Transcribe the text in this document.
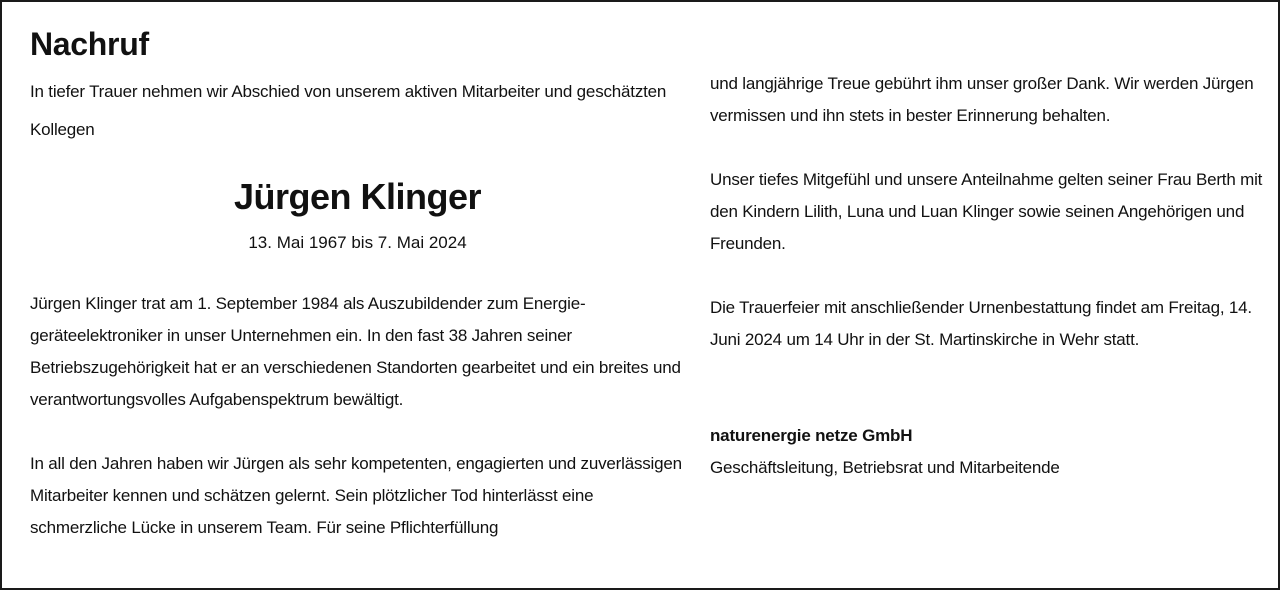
Nachruf

In tiefer Trauer nehmen wir Abschied von unserem aktiven Mitarbeiter und geschätzten Kollegen

Jürgen Klinger

13. Mai 1967 bis 7. Mai 2024

Jürgen Klinger trat am 1. September 1984 als Auszubildender zum Energiegeräteelektroniker in unser Unternehmen ein. In den fast 38 Jahren seiner Betriebszugehörigkeit hat er an verschiedenen Standorten gearbeitet und ein breites und verantwortungsvolles Aufgabenspektrum bewältigt.

In all den Jahren haben wir Jürgen als sehr kompetenten, engagierten und zuverlässigen Mitarbeiter kennen und schätzen gelernt. Sein plötzlicher Tod hinterlässt eine schmerzliche Lücke in unserem Team. Für seine Pflichterfüllung

und langjährige Treue gebührt ihm unser großer Dank. Wir werden Jürgen vermissen und ihn stets in bester Erinnerung behalten.

Unser tiefes Mitgefühl und unsere Anteilnahme gelten seiner Frau Berth mit den Kindern Lilith, Luna und Luan Klinger sowie seinen Angehörigen und Freunden.

Die Trauerfeier mit anschließender Urnenbestattung findet am Freitag, 14. Juni 2024 um 14 Uhr in der St. Martinskirche in Wehr statt.

naturenergie netze GmbH

Geschäftsleitung, Betriebsrat und Mitarbeitende
